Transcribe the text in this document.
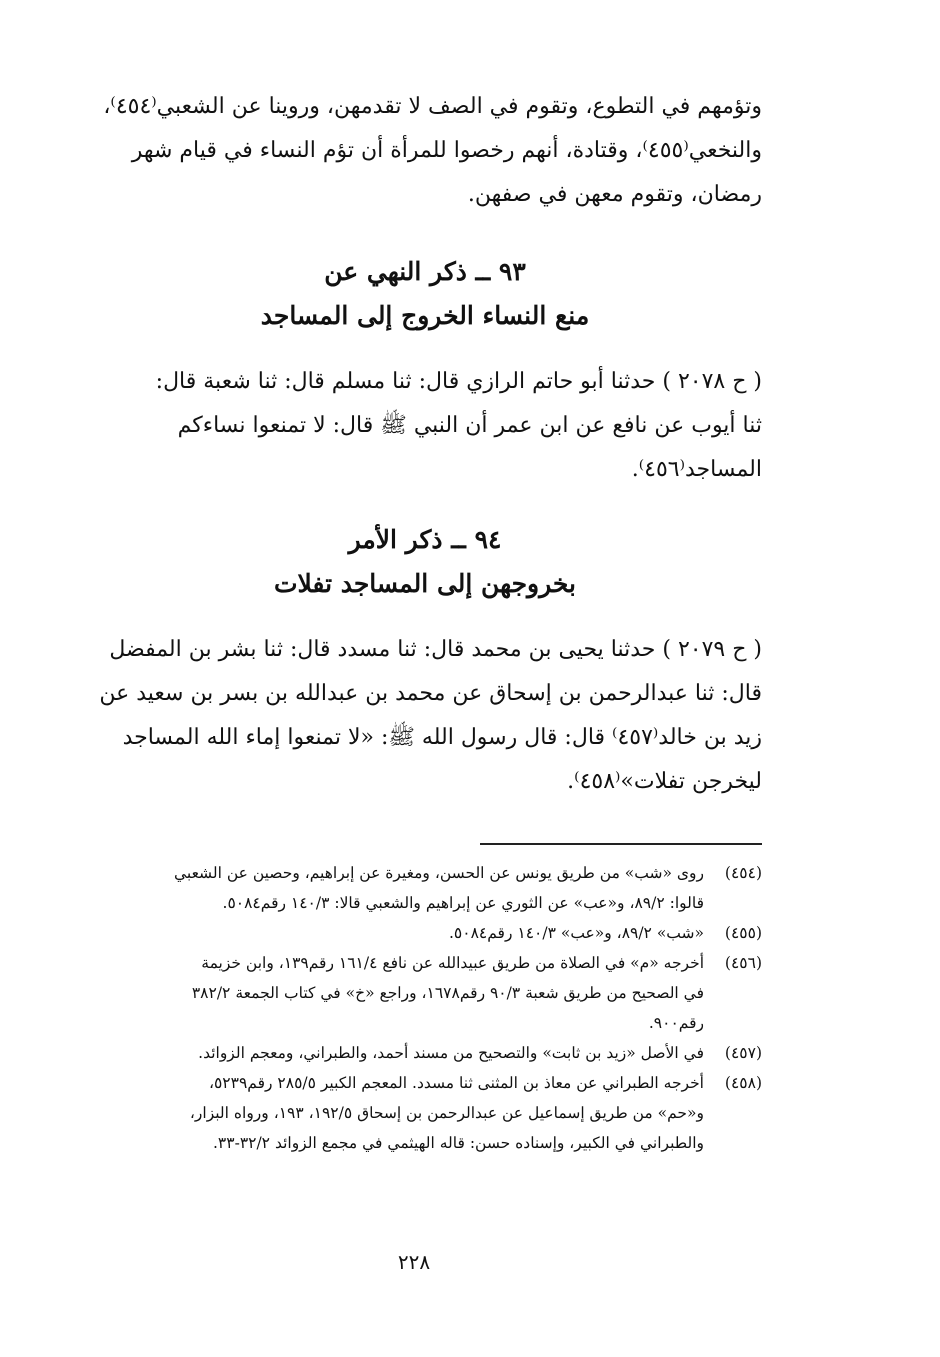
وتؤمهم في التطوع، وتقوم في الصف لا تقدمهن، وروينا عن الشعبي⁽٤٥٤⁾،
والنخعي⁽٤٥٥⁾، وقتادة، أنهم رخصوا للمرأة أن تؤم النساء في قيام شهر
رمضان، وتقوم معهن في صفهن.
٩٣ ــ ذكر النهي عن
منع النساء الخروج إلى المساجد
( ح ٢٠٧٨ ) حدثنا أبو حاتم الرازي قال: ثنا مسلم قال: ثنا شعبة قال:
ثنا أيوب عن نافع عن ابن عمر أن النبي ﷺ قال: لا تمنعوا نساءكم
المساجد⁽٤٥٦⁾.
٩٤ ــ ذكر الأمر
بخروجهن إلى المساجد تفلات
( ح ٢٠٧٩ ) حدثنا يحيى بن محمد قال: ثنا مسدد قال: ثنا بشر بن المفضل
قال: ثنا عبدالرحمن بن إسحاق عن محمد بن عبدالله بن بسر بن سعيد عن
زيد بن خالد⁽٤٥٧⁾ قال: قال رسول الله ﷺ: «لا تمنعوا إماء الله المساجد
ليخرجن تفلات»⁽٤٥٨⁾.
(٤٥٤)روى «شب» من طريق يونس عن الحسن، ومغيرة عن إبراهيم، وحصين عن الشعبي
قالوا: ٨٩/٢، و«عب» عن الثوري عن إبراهيم والشعبي قالا: ١٤٠/٣ رقم٥٠٨٤.
(٤٥٥)«شب» ٨٩/٢، و«عب» ١٤٠/٣ رقم٥٠٨٤.
(٤٥٦)أخرجه «م» في الصلاة من طريق عبيدالله عن نافع ١٦١/٤ رقم١٣٩، وابن خزيمة
في الصحيح من طريق شعبة ٩٠/٣ رقم١٦٧٨، وراجع «خ» في كتاب الجمعة ٣٨٢/٢
رقم٩٠٠.
(٤٥٧)في الأصل «زيد بن ثابت» والتصحيح من مسند أحمد، والطبراني، ومعجم الزوائد.
(٤٥٨)أخرجه الطبراني عن معاذ بن المثنى ثنا مسدد. المعجم الكبير ٢٨٥/٥ رقم٥٢٣٩،
و«حم» من طريق إسماعيل عن عبدالرحمن بن إسحاق ١٩٢/٥، ١٩٣، ورواه البزار،
والطبراني في الكبير، وإسناده حسن: قاله الهيثمي في مجمع الزوائد ٣٢/٢-٣٣.
٢٢٨
